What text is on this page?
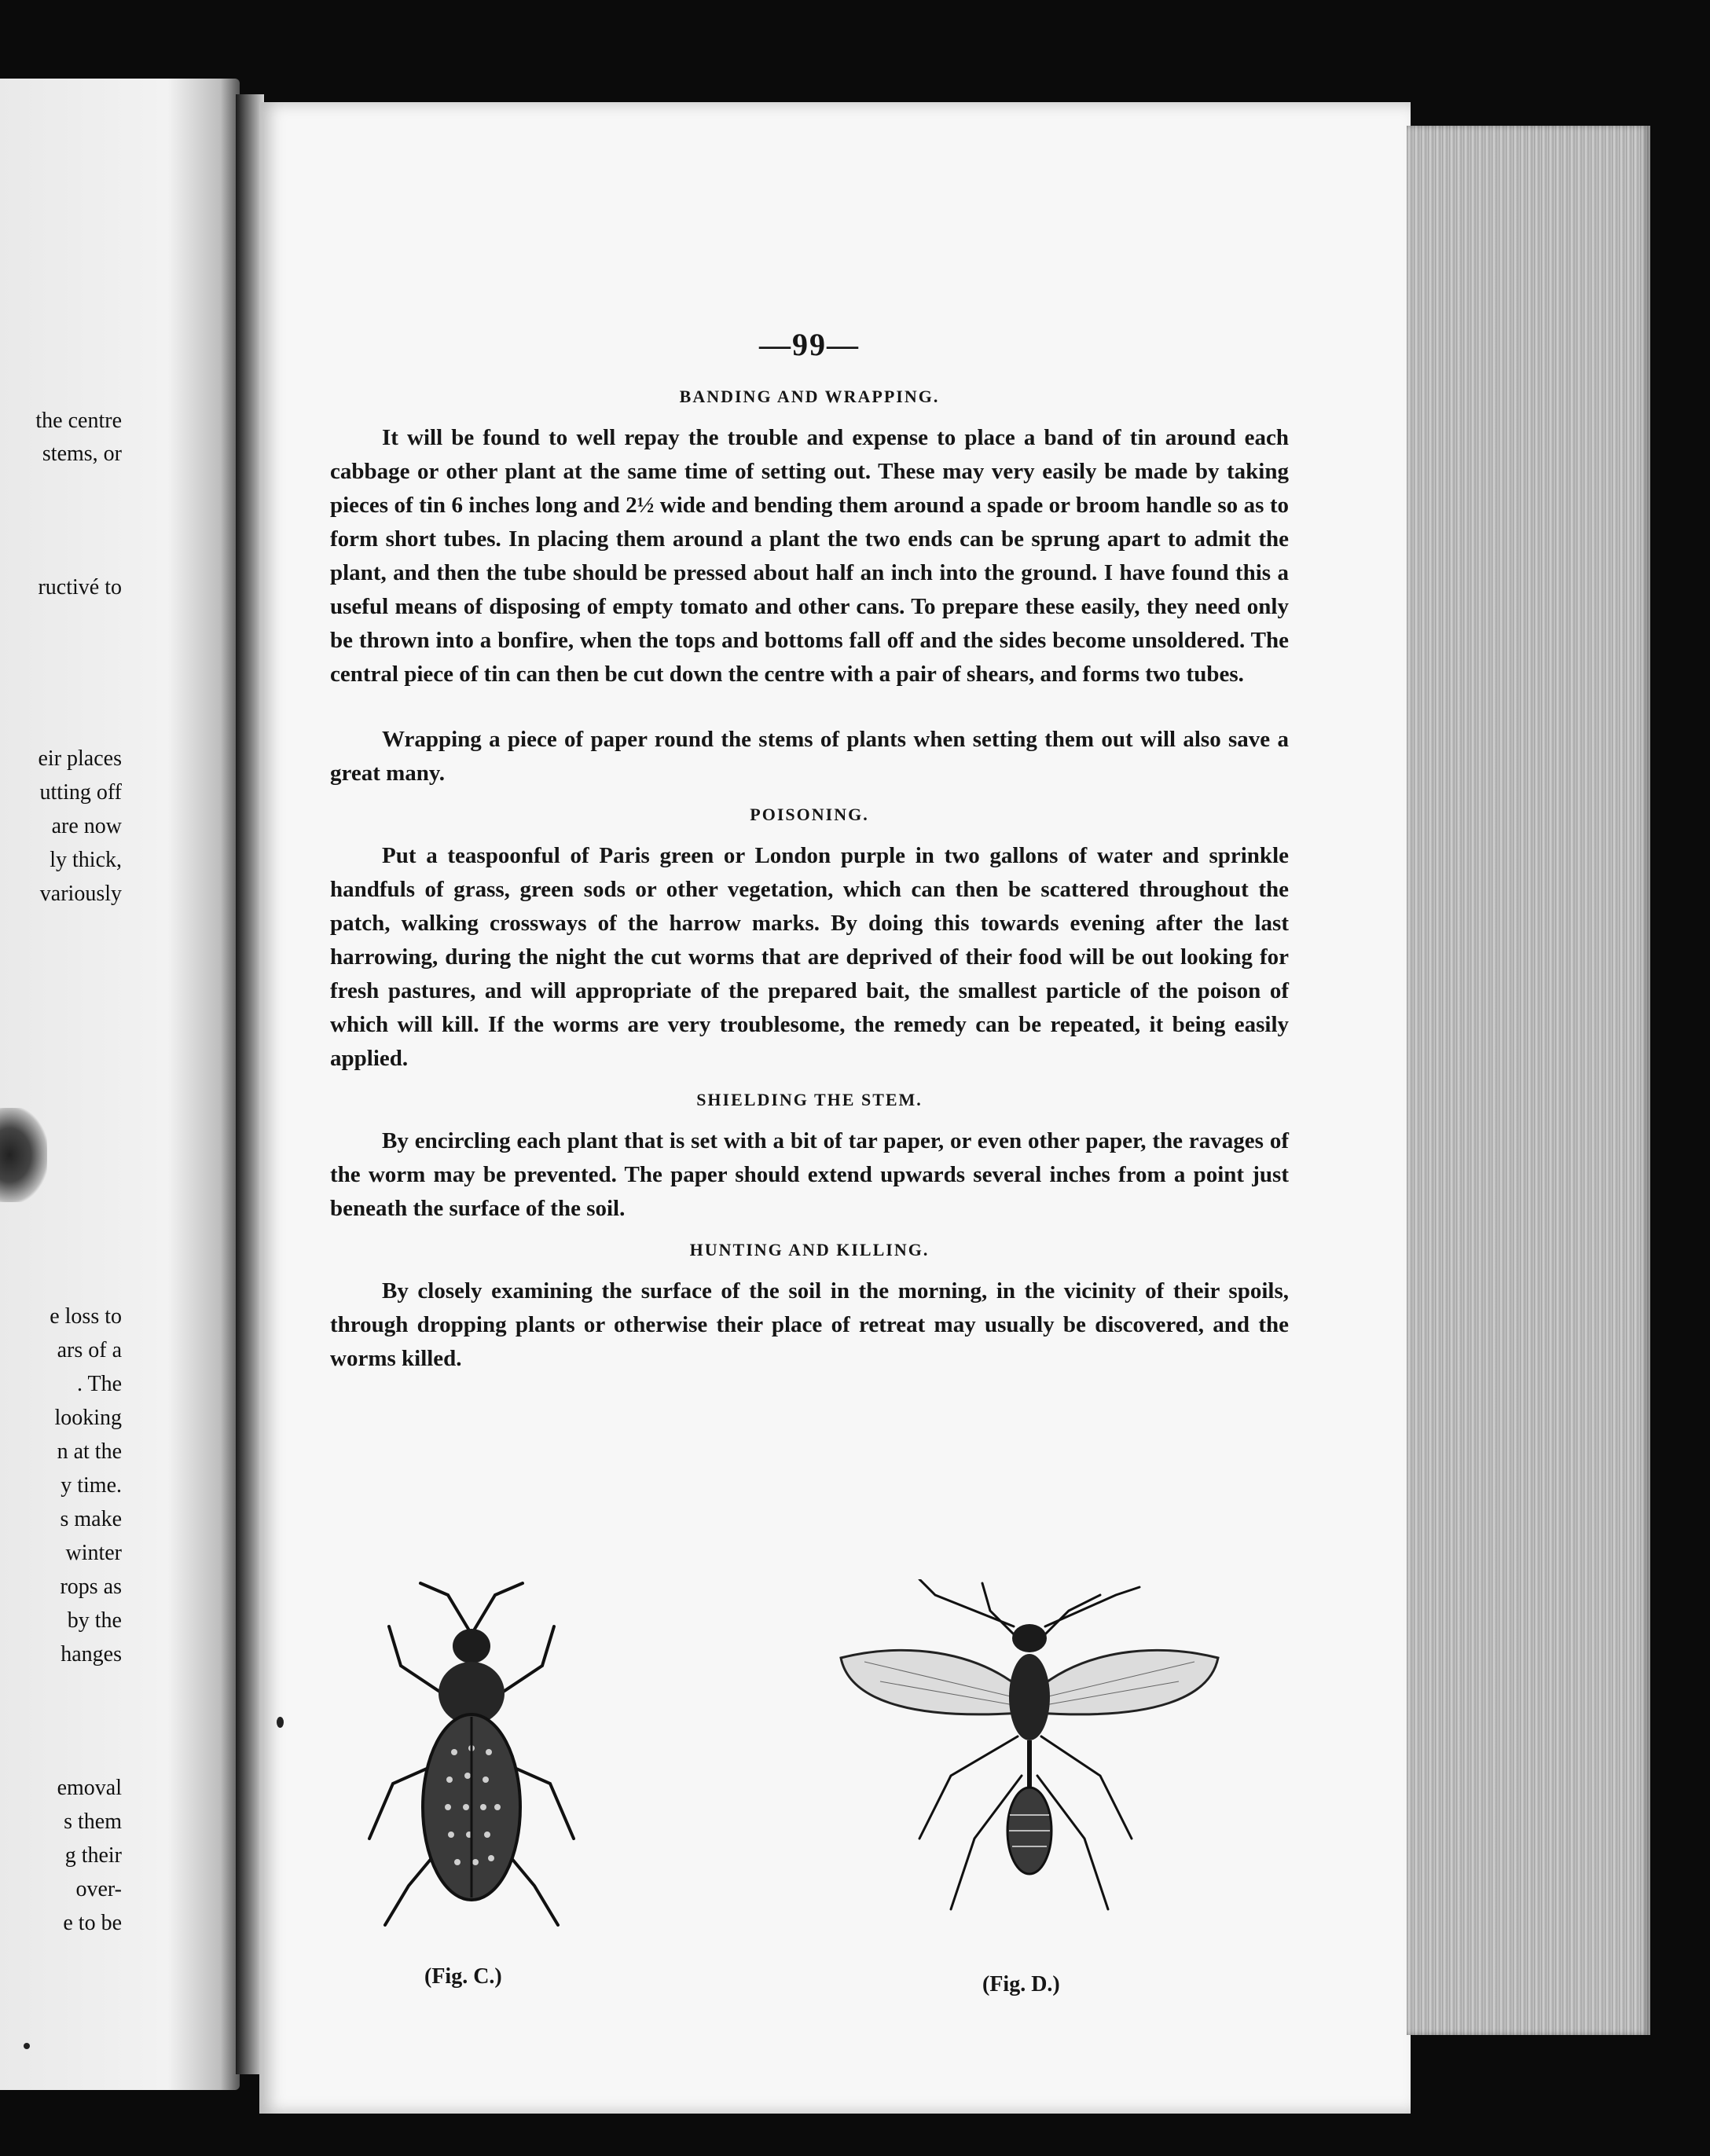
the centre
stems, or
ructivé to
eir places
utting off
are now
ly thick,
variously
e loss to
ars of a
. The
looking
n at the
y time.
s make
winter
rops as
by the
hanges
emoval
s them
g their
over-
e to be
—99—
BANDING AND WRAPPING.

It will be found to well repay the trouble and expense to place a band of tin around each cabbage or other plant at the same time of setting out. These may very easily be made by taking pieces of tin 6 inches long and 2½ wide and bending them around a spade or broom handle so as to form short tubes. In placing them around a plant the two ends can be sprung apart to admit the plant, and then the tube should be pressed about half an inch into the ground. I have found this a useful means of disposing of empty tomato and other cans. To prepare these easily, they need only be thrown into a bonfire, when the tops and bottoms fall off and the sides become unsoldered. The central piece of tin can then be cut down the centre with a pair of shears, and forms two tubes.

Wrapping a piece of paper round the stems of plants when setting them out will also save a great many.

POISONING.

Put a teaspoonful of Paris green or London purple in two gallons of water and sprinkle handfuls of grass, green sods or other vegetation, which can then be scattered throughout the patch, walking crossways of the harrow marks. By doing this towards evening after the last harrowing, during the night the cut worms that are deprived of their food will be out looking for fresh pastures, and will appropriate of the prepared bait, the smallest particle of the poison of which will kill. If the worms are very troublesome, the remedy can be repeated, it being easily applied.

SHIELDING THE STEM.

By encircling each plant that is set with a bit of tar paper, or even other paper, the ravages of the worm may be prevented. The paper should extend upwards several inches from a point just beneath the surface of the soil.

HUNTING AND KILLING.

By closely examining the surface of the soil in the morning, in the vicinity of their spoils, through dropping plants or otherwise their place of retreat may usually be discovered, and the worms killed.

(Fig. C.)	(Fig. D.)
